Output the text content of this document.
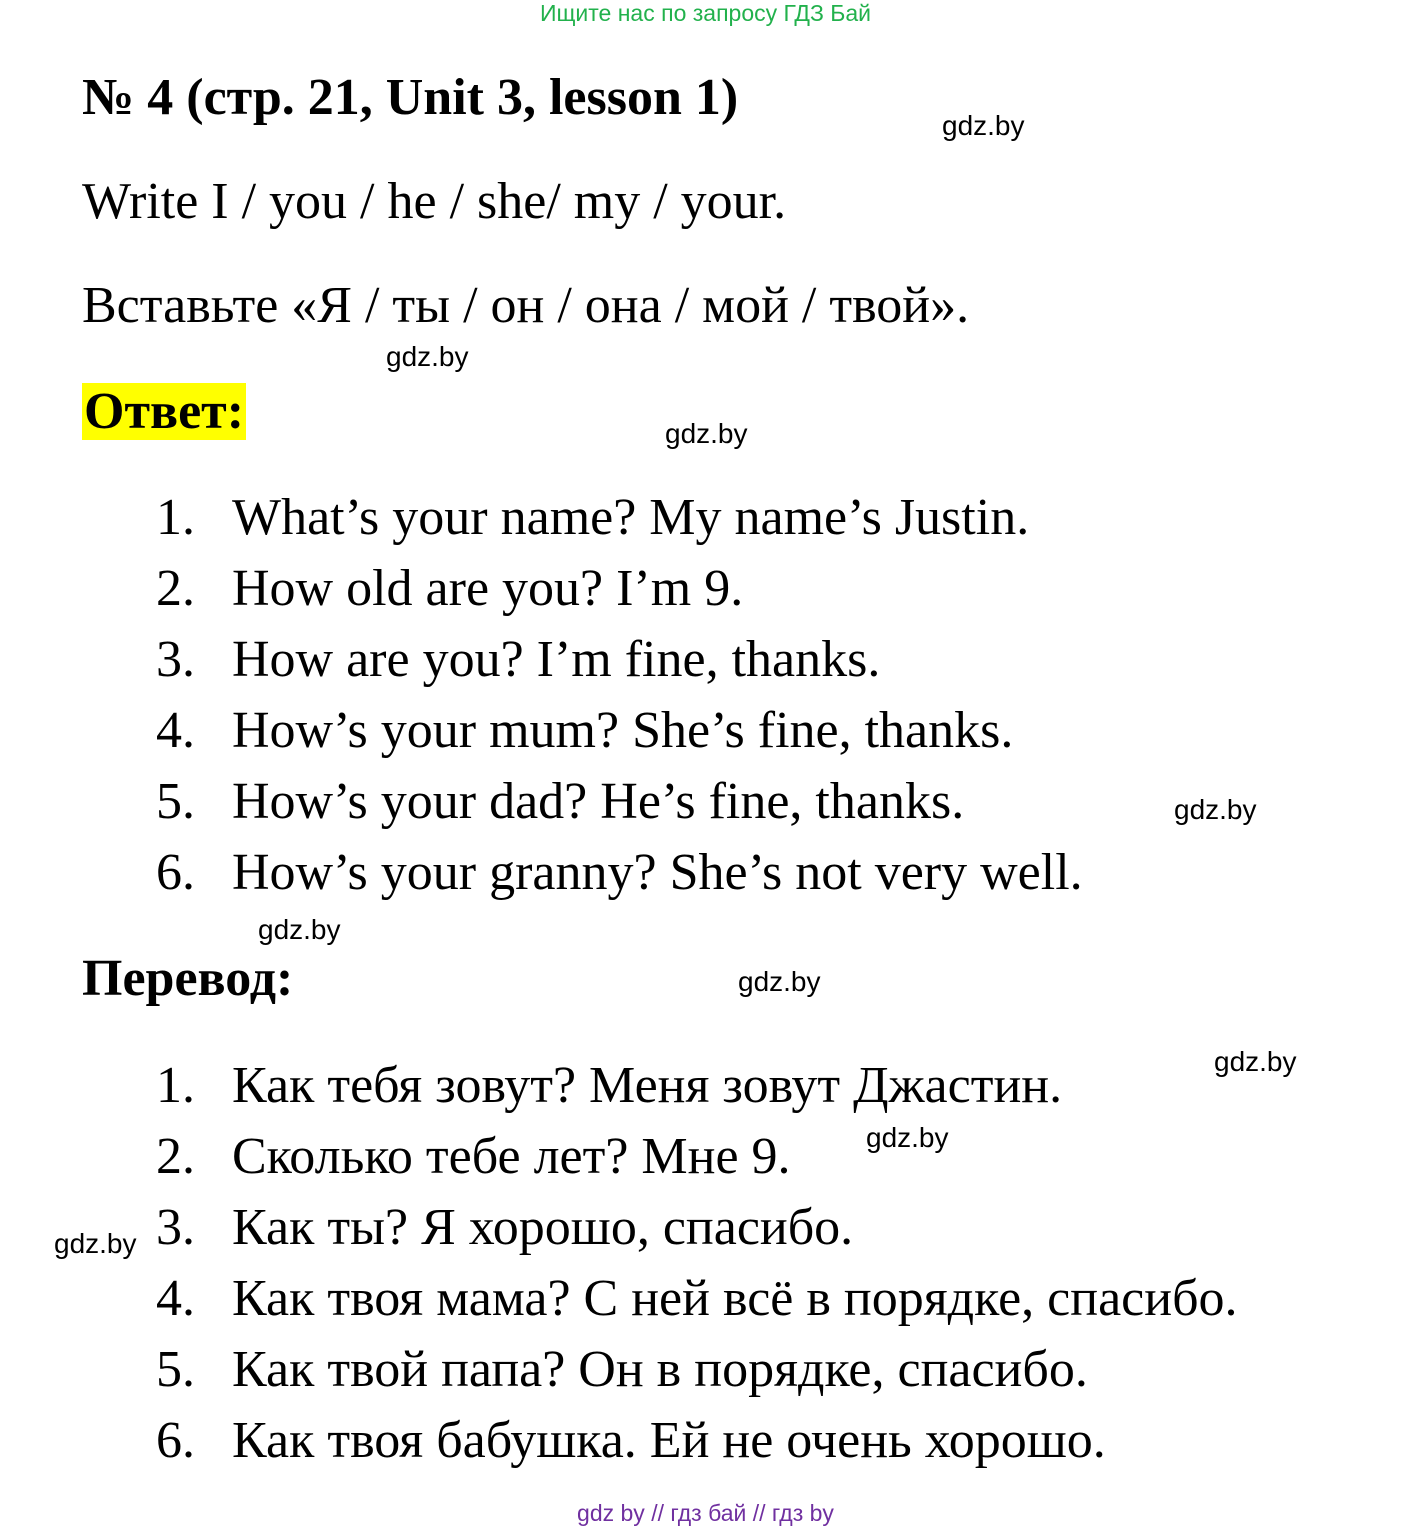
Ищите нас по запросу ГДЗ Бай
№ 4 (стр. 21, Unit 3, lesson 1)
Write I / you / he / she/ my / your.
Вставьте «Я / ты / он / она / мой / твой».
Ответ:
1. What’s your name? My name’s Justin.
2. How old are you? I’m 9.
3. How are you? I’m fine, thanks.
4. How’s your mum? She’s fine, thanks.
5. How’s your dad? He’s fine, thanks.
6. How’s your granny? She’s not very well.
Перевод:
1. Как тебя зовут? Меня зовут Джастин.
2. Сколько тебе лет? Мне 9.
3. Как ты? Я хорошо, спасибо.
4. Как твоя мама? С ней всё в порядке, спасибо.
5. Как твой папа? Он в порядке, спасибо.
6. Как твоя бабушка. Ей не очень хорошо.
gdz.by
gdz.by
gdz.by
gdz.by
gdz.by
gdz.by
gdz.by
gdz.by
gdz.by
gdz by // гдз бай // гдз by
